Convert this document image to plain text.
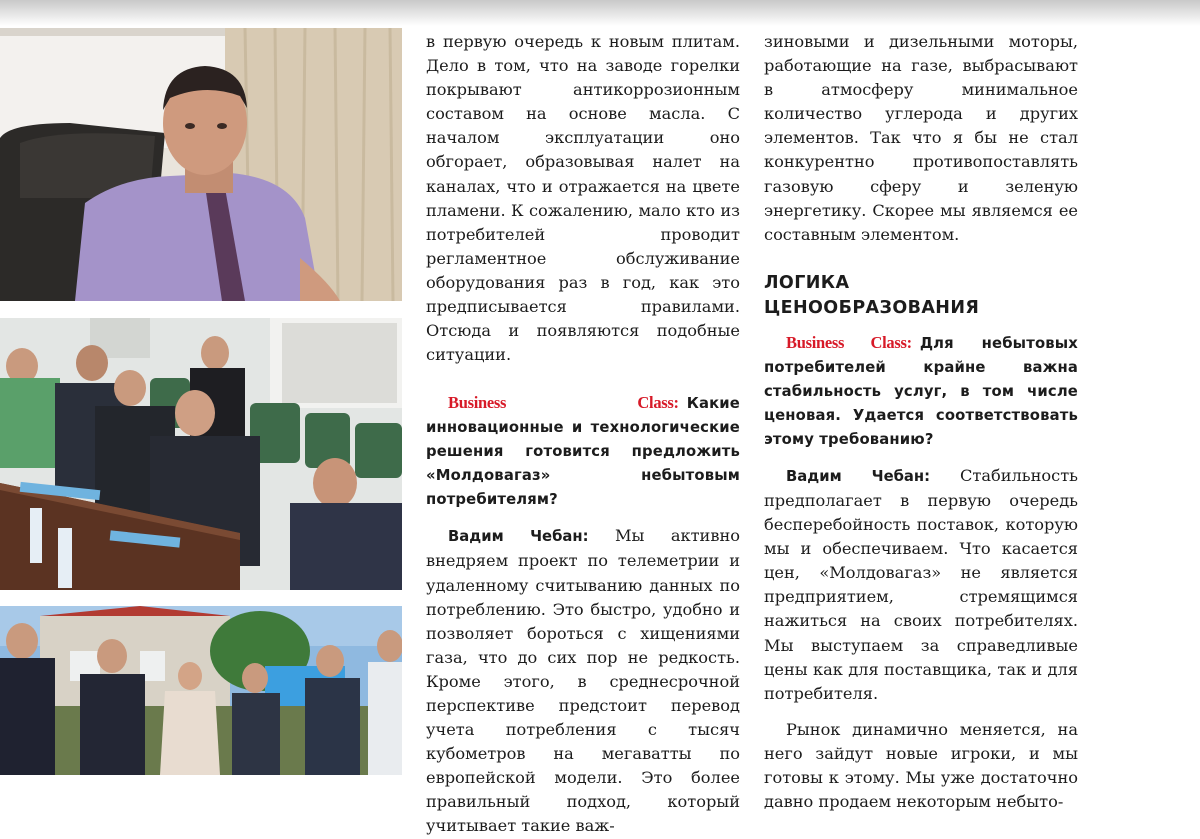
в первую очередь к новым плитам. Дело в том, что на заводе горелки покрывают антикоррозионным составом на основе масла. С началом эксплуатации оно обгорает, образовывая налет на каналах, что и отражается на цвете пламени. К сожалению, мало кто из потребителей проводит регламентное обслуживание оборудования раз в год, как это предписывается правилами. Отсюда и появляются подобные ситуации.

Business Class: Какие инновационные и технологические решения готовится предложить «Молдовагаз» небытовым потребителям?

Вадим Чебан: Мы активно внедряем проект по телеметрии и удаленному считыванию данных по потреблению. Это быстро, удобно и позволяет бороться с хищениями газа, что до сих пор не редкость. Кроме этого, в среднесрочной перспективе предстоит перевод учета потребления с тысяч кубометров на мегаватты по европейской модели. Это более правильный подход, который учитывает такие важ-

зиновыми и дизельными моторы, работающие на газе, выбрасывают в атмосферу минимальное количество углерода и других элементов. Так что я бы не стал конкурентно противопоставлять газовую сферу и зеленую энергетику. Скорее мы являемся ее составным элементом.

ЛОГИКА ЦЕНООБРАЗОВАНИЯ

Business Class: Для небытовых потребителей крайне важна стабильность услуг, в том числе ценовая. Удается соответствовать этому требованию?

Вадим Чебан: Стабильность предполагает в первую очередь бесперебойность поставок, которую мы и обеспечиваем. Что касается цен, «Молдовагаз» не является предприятием, стремящимся нажиться на своих потребителях. Мы выступаем за справедливые цены как для поставщика, так и для потребителя.

Рынок динамично меняется, на него зайдут новые игроки, и мы готовы к этому. Мы уже достаточно давно продаем некоторым небыто-
